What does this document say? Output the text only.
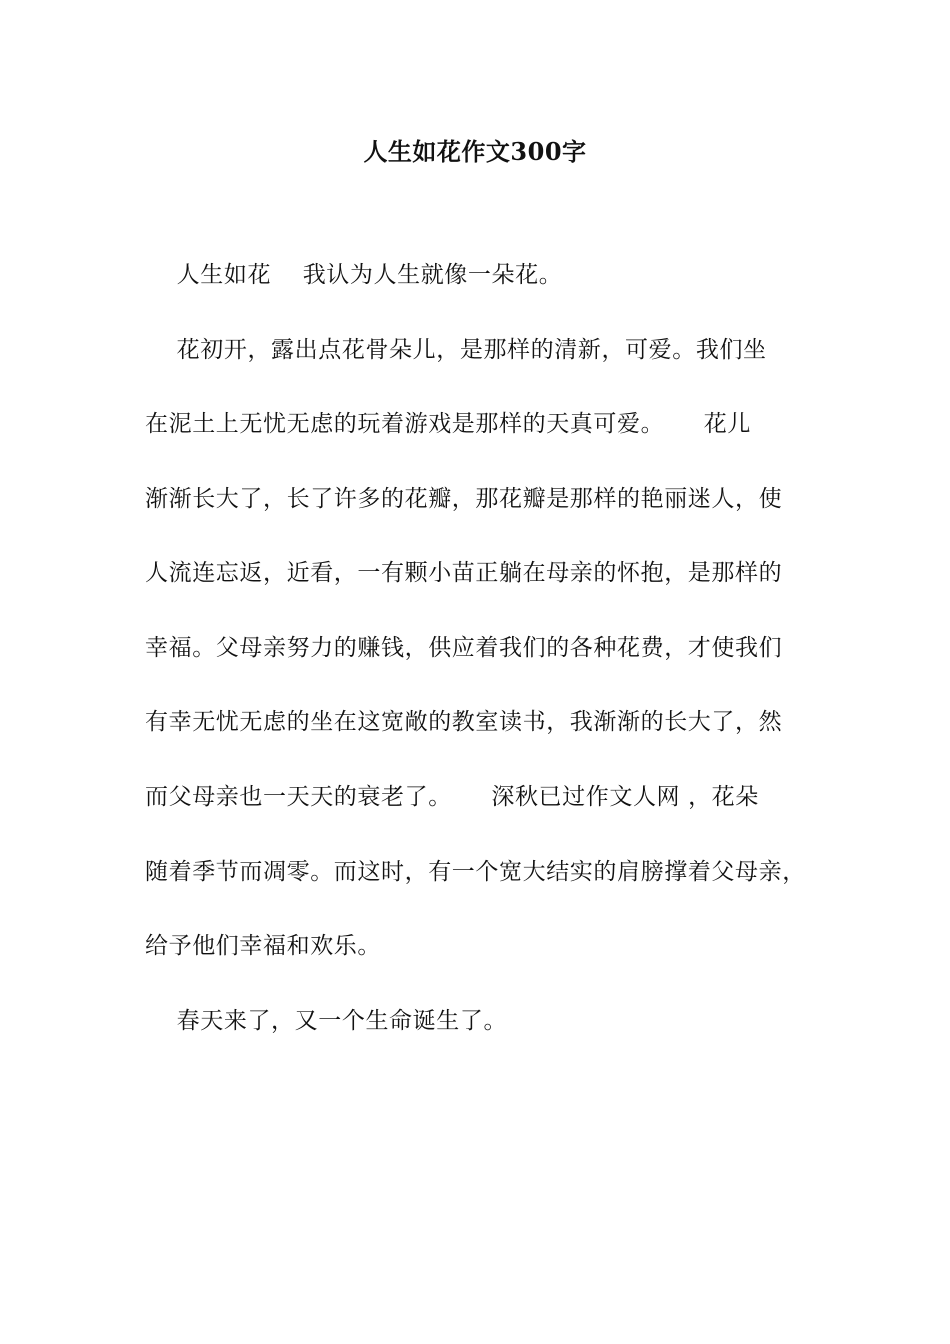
人生如花作文300字
人生如花    我认为人生就像一朵花。
花初开，露出点花骨朵儿，是那样的清新，可爱。我们坐
在泥土上无忧无虑的玩着游戏是那样的天真可爱。     花儿
渐渐长大了，长了许多的花瓣，那花瓣是那样的艳丽迷人，使
人流连忘返，近看，一有颗小苗正躺在母亲的怀抱，是那样的
幸福。父母亲努力的赚钱，供应着我们的各种花费，才使我们
有幸无忧无虑的坐在这宽敞的教室读书，我渐渐的长大了，然
而父母亲也一天天的衰老了。     深秋已过作文人网 ，花朵
随着季节而凋零。而这时，有一个宽大结实的肩膀撑着父母亲，
给予他们幸福和欢乐。
春天来了，又一个生命诞生了。
